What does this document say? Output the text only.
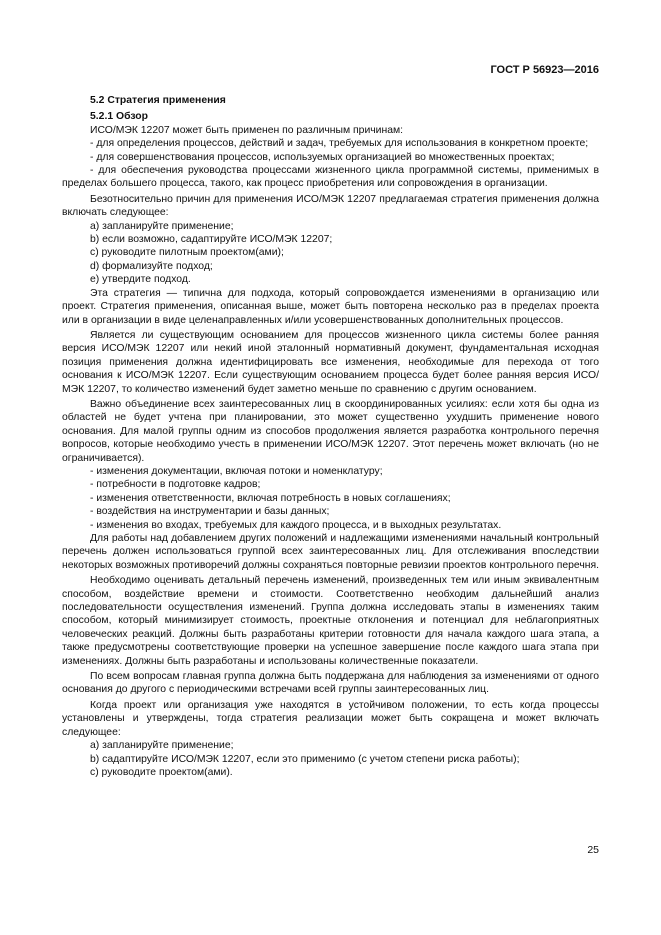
ГОСТ Р 56923—2016
5.2 Стратегия применения
5.2.1 Обзор

ИСО/МЭК 12207 может быть применен по различным причинам:

- для определения процессов, действий и задач, требуемых для использования в конкретном проекте;

- для совершенствования процессов, используемых организацией во множественных проектах;

- для обеспечения руководства процессами жизненного цикла программной системы, применимых в пределах большего процесса, такого, как процесс приобретения или сопровождения в организации.

Безотносительно причин для применения ИСО/МЭК 12207 предлагаемая стратегия применения должна включать следующее:

а) запланируйте применение;
b) если возможно, садаптируйте ИСО/МЭК 12207;
c) руководите пилотным проектом(ами);
d) формализуйте подход;
e) утвердите подход.

Эта стратегия — типична для подхода, который сопровождается изменениями в организацию или проект. Стратегия применения, описанная выше, может быть повторена несколько раз в пределах проекта или в организации в виде целенаправленных и/или усовершенствованных дополнительных процессов.

Является ли существующим основанием для процессов жизненного цикла системы более ранняя версия ИСО/МЭК 12207 или некий иной эталонный нормативный документ, фундаментальная исходная позиция применения должна идентифицировать все изменения, необходимые для перехода от того основания к ИСО/МЭК 12207. Если существующим основанием процесса будет более ранняя версия ИСО/МЭК 12207, то количество изменений будет заметно меньше по сравнению с другим основанием.

Важно объединение всех заинтересованных лиц в скоординированных усилиях: если хотя бы одна из областей не будет учтена при планировании, это может существенно ухудшить применение нового основания. Для малой группы одним из способов продолжения является разработка контрольного перечня вопросов, которые необходимо учесть в применении ИСО/МЭК 12207. Этот перечень может включать (но не ограничивается).

- изменения документации, включая потоки и номенклатуру;

- потребности в подготовке кадров;

- изменения ответственности, включая потребность в новых соглашениях;

- воздействия на инструментарии и базы данных;

- изменения во входах, требуемых для каждого процесса, и в выходных результатах.

Для работы над добавлением других положений и надлежащими изменениями начальный контрольный перечень должен использоваться группой всех заинтересованных лиц. Для отслеживания впоследствии некоторых возможных противоречий должны сохраняться повторные ревизии проектов контрольного перечня.

Необходимо оценивать детальный перечень изменений, произведенных тем или иным эквивалентным способом, воздействие времени и стоимости. Соответственно необходим дальнейший анализ последовательности осуществления изменений. Группа должна исследовать этапы в изменениях таким способом, который минимизирует стоимость, проектные отклонения и потенциал для неблагоприятных человеческих реакций. Должны быть разработаны критерии готовности для начала каждого шага этапа, а также предусмотрены соответствующие проверки на успешное завершение после каждого шага этапа при изменениях. Должны быть разработаны и использованы количественные показатели.

По всем вопросам главная группа должна быть поддержана для наблюдения за изменениями от одного основания до другого с периодическими встречами всей группы заинтересованных лиц.

Когда проект или организация уже находятся в устойчивом положении, то есть когда процессы установлены и утверждены, тогда стратегия реализации может быть сокращена и может включать следующее:

а) запланируйте применение;
b) садаптируйте ИСО/МЭК 12207, если это применимо (с учетом степени риска работы);
c) руководите проектом(ами).
25
